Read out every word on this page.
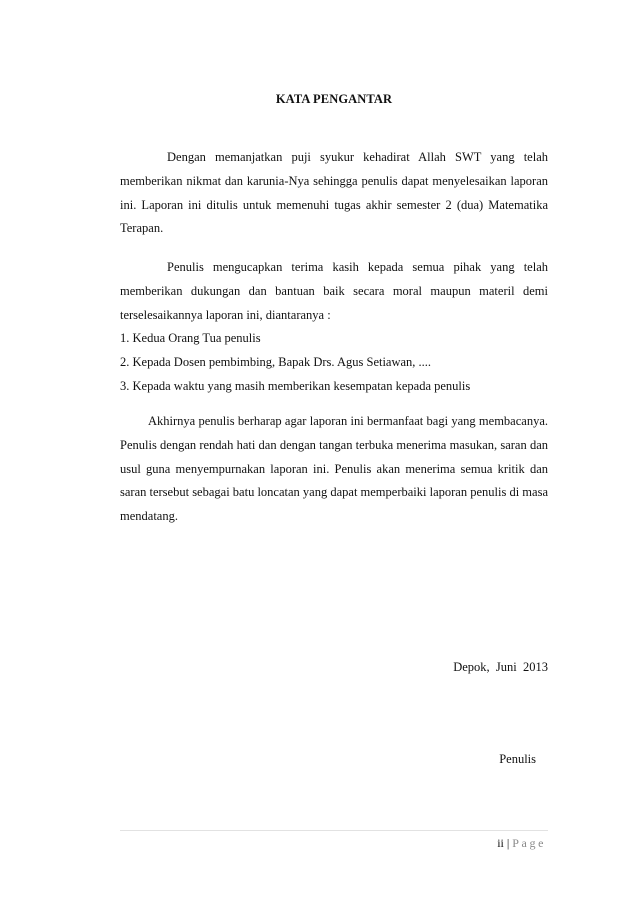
KATA PENGANTAR

Dengan memanjatkan puji syukur kehadirat Allah SWT yang telah memberikan nikmat dan karunia-Nya sehingga penulis dapat menyelesaikan laporan ini. Laporan ini ditulis untuk memenuhi tugas akhir semester 2 (dua) Matematika Terapan.

Penulis mengucapkan terima kasih kepada semua pihak yang telah memberikan dukungan dan bantuan baik secara moral maupun materil demi terselesaikannya laporan ini, diantaranya :

1. Kedua Orang Tua penulis

2. Kepada Dosen pembimbing, Bapak Drs. Agus Setiawan, ....

3. Kepada waktu yang masih memberikan kesempatan kepada penulis

Akhirnya penulis berharap agar laporan ini bermanfaat bagi yang membacanya. Penulis dengan rendah hati dan dengan tangan terbuka menerima masukan, saran dan usul guna menyempurnakan laporan ini. Penulis akan menerima semua kritik dan saran tersebut sebagai batu loncatan yang dapat memperbaiki laporan penulis di masa mendatang.

Depok,  Juni  2013
Penulis
ii | Page
